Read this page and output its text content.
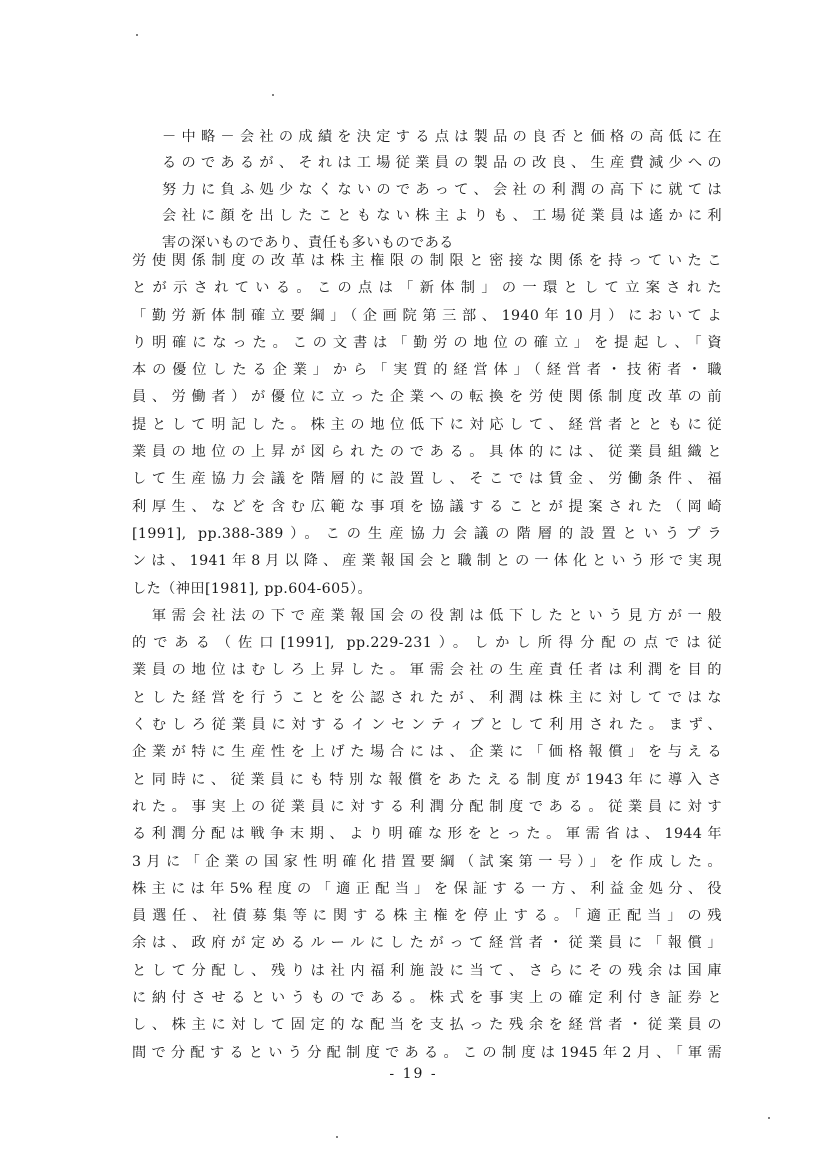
－中略－会社の成績を決定する点は製品の良否と価格の高低に在
るのであるが、それは工場従業員の製品の改良、生産費減少への
努力に負ふ処少なくないのであって、会社の利潤の高下に就ては
会社に顔を出したこともない株主よりも、工場従業員は遙かに利
害の深いものであり、責任も多いものである
労使関係制度の改革は株主権限の制限と密接な関係を持っていたこ
とが示されている。この点は「新体制」の一環として立案された
「勤労新体制確立要綱」（企画院第三部、1940年10月）においてよ
り明確になった。この文書は「勤労の地位の確立」を提起し、「資
本の優位したる企業」から「実質的経営体」（経営者・技術者・職
員、労働者）が優位に立った企業への転換を労使関係制度改革の前
提として明記した。株主の地位低下に対応して、経営者とともに従
業員の地位の上昇が図られたのである。具体的には、従業員組織と
して生産協力会議を階層的に設置し、そこでは賃金、労働条件、福
利厚生、などを含む広範な事項を協議することが提案された（岡崎
[1991], pp.388-389）。この生産協力会議の階層的設置というプラ
ンは、1941年8月以降、産業報国会と職制との一体化という形で実現
した（神田[1981], pp.604-605）。
　軍需会社法の下で産業報国会の役割は低下したという見方が一般
的である（佐口[1991], pp.229-231）。しかし所得分配の点では従
業員の地位はむしろ上昇した。軍需会社の生産責任者は利潤を目的
とした経営を行うことを公認されたが、利潤は株主に対してではな
くむしろ従業員に対するインセンティブとして利用された。まず、
企業が特に生産性を上げた場合には、企業に「価格報償」を与える
と同時に、従業員にも特別な報償をあたえる制度が1943年に導入さ
れた。事実上の従業員に対する利潤分配制度である。従業員に対す
る利潤分配は戦争末期、より明確な形をとった。軍需省は、1944年
3月に「企業の国家性明確化措置要綱（試案第一号）」を作成した。
株主には年5%程度の「適正配当」を保証する一方、利益金処分、役
員選任、社債募集等に関する株主権を停止する。「適正配当」の残
余は、政府が定めるルールにしたがって経営者・従業員に「報償」
として分配し、残りは社内福利施設に当て、さらにその残余は国庫
に納付させるというものである。株式を事実上の確定利付き証券と
し、株主に対して固定的な配当を支払った残余を経営者・従業員の
間で分配するという分配制度である。この制度は1945年2月、「軍需
- 19 -
